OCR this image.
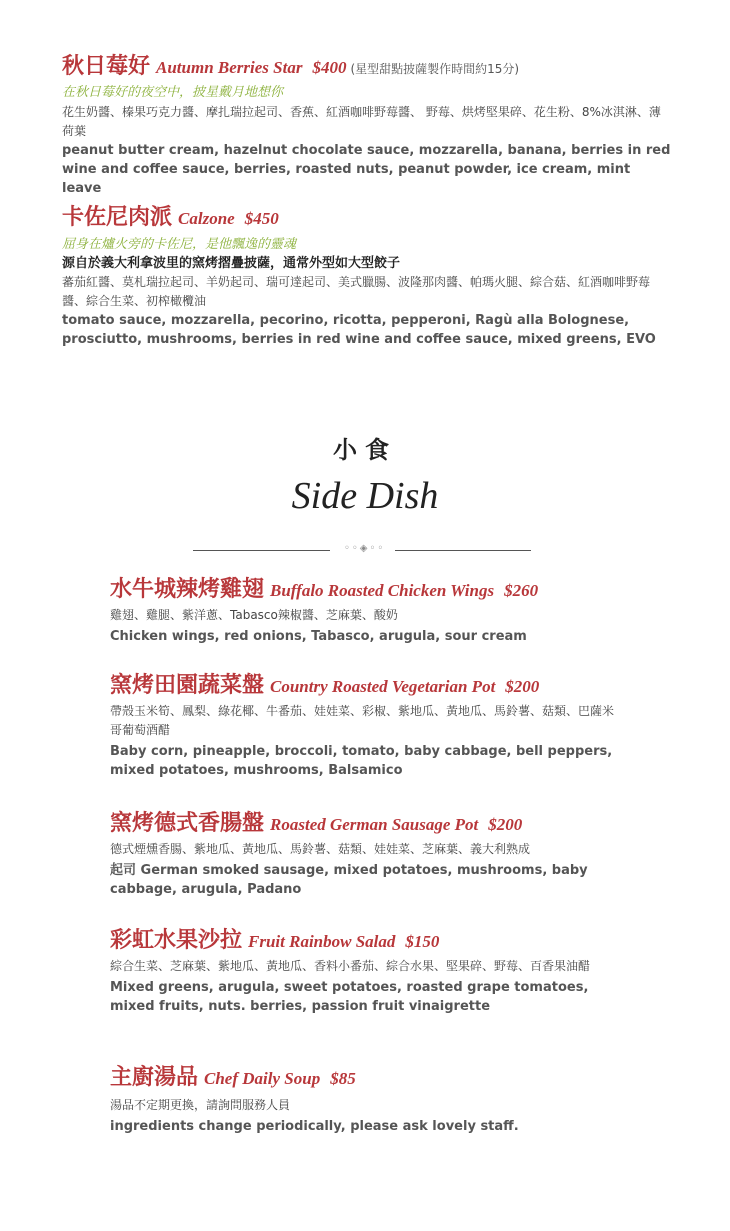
秋日莓好 Autumn Berries Star $400 (星型甜點披薩製作時間約15分)
在秋日莓好的夜空中，披星戴月地想你
花生奶醬、榛果巧克力醬、摩扎瑞拉起司、香蕉、紅酒咖啡野莓醬、 野莓、烘烤堅果碎、花生粉、8%冰淇淋、薄荷葉
peanut butter cream, hazelnut chocolate sauce, mozzarella, banana, berries in red wine and coffee sauce, berries, roasted nuts, peanut powder, ice cream, mint leave
卡佐尼肉派 Calzone $450
屈身在爐火旁的卡佐尼，是他飄逸的靈魂
源自於義大利拿波里的窯烤摺疊披薩，通常外型如大型餃子
蕃茄紅醬、莫札瑞拉起司、羊奶起司、瑞可達起司、美式臘腸、波隆那肉醬、帕瑪火腿、綜合菇、紅酒咖啡野莓醬、綜合生菜、初榨橄欖油
tomato sauce, mozzarella, pecorino, ricotta, pepperoni, Ragù alla Bolognese, prosciutto, mushrooms, berries in red wine and coffee sauce, mixed greens, EVO
小食
Side Dish
◦◦◈◦◦
水牛城辣烤雞翅 Buffalo Roasted Chicken Wings $260
雞翅、雞腿、紫洋蔥、Tabasco辣椒醬、芝麻葉、酸奶
Chicken wings, red onions, Tabasco, arugula, sour cream
窯烤田園蔬菜盤 Country Roasted Vegetarian Pot $200
帶殼玉米筍、鳳梨、綠花椰、牛番茄、娃娃菜、彩椒、紫地瓜、黃地瓜、馬鈴薯、菇類、巴薩米哥葡萄酒醋
Baby corn, pineapple, broccoli, tomato, baby cabbage, bell peppers, mixed potatoes, mushrooms, Balsamico
窯烤德式香腸盤 Roasted German Sausage Pot $200
德式煙燻香腸、紫地瓜、黃地瓜、馬鈴薯、菇類、娃娃菜、芝麻葉、義大利熟成
起司 German smoked sausage, mixed potatoes, mushrooms, baby cabbage, arugula, Padano
彩虹水果沙拉 Fruit Rainbow Salad $150
綜合生菜、芝麻葉、紫地瓜、黃地瓜、香料小番茄、綜合水果、堅果碎、野莓、百香果油醋
Mixed greens, arugula, sweet potatoes, roasted grape tomatoes, mixed fruits, nuts. berries, passion fruit vinaigrette
主廚湯品 Chef Daily Soup $85
湯品不定期更換，請詢問服務人員
ingredients change periodically, please ask lovely staff.
